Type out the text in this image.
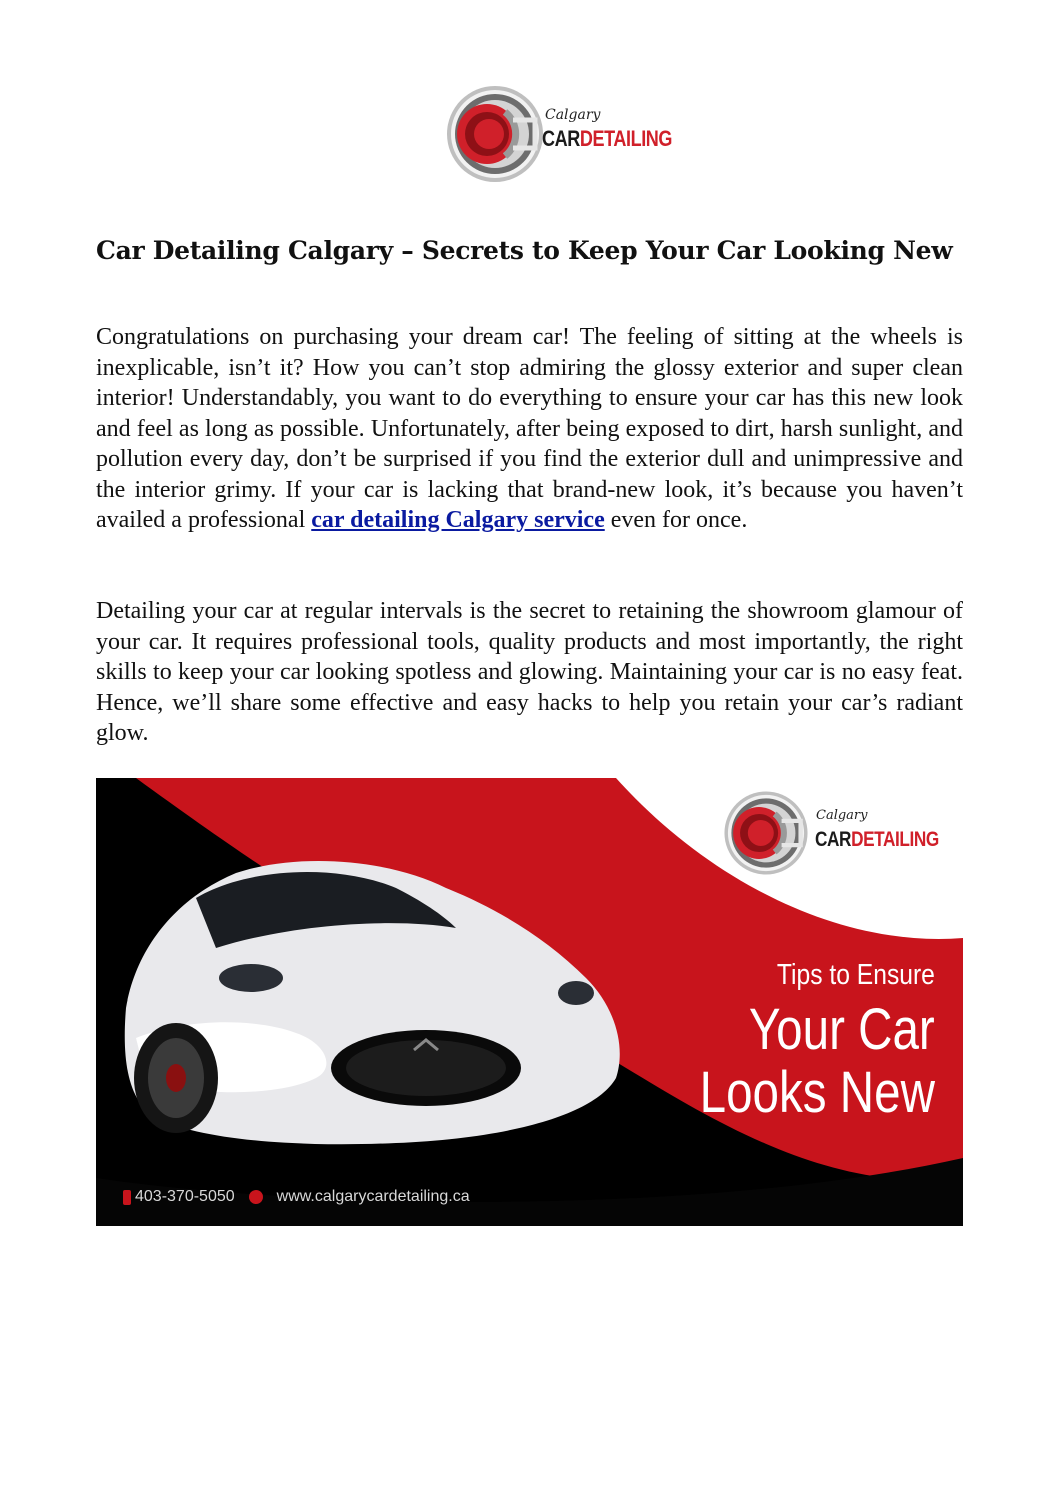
Calgary
CARDETAILING
Car Detailing Calgary – Secrets to Keep Your Car Looking New

Congratulations on purchasing your dream car! The feeling of sitting at the wheels is inexplicable, isn’t it? How you can’t stop admiring the glossy exterior and super clean interior! Understandably, you want to do everything to ensure your car has this new look and feel as long as possible. Unfortunately, after being exposed to dirt, harsh sunlight, and pollution every day, don’t be surprised if you find the exterior dull and unimpressive and the interior grimy. If your car is lacking that brand-new look, it’s because you haven’t availed a professional car detailing Calgary service even for once.

Detailing your car at regular intervals is the secret to retaining the showroom glamour of your car. It requires professional tools, quality products and most importantly, the right skills to keep your car looking spotless and glowing. Maintaining your car is no easy feat. Hence, we’ll share some effective and easy hacks to help you retain your car’s radiant glow.

Calgary
CARDETAILING
Tips to Ensure
Your Car
Looks New
403-370-5050	www.calgarycardetailing.ca
